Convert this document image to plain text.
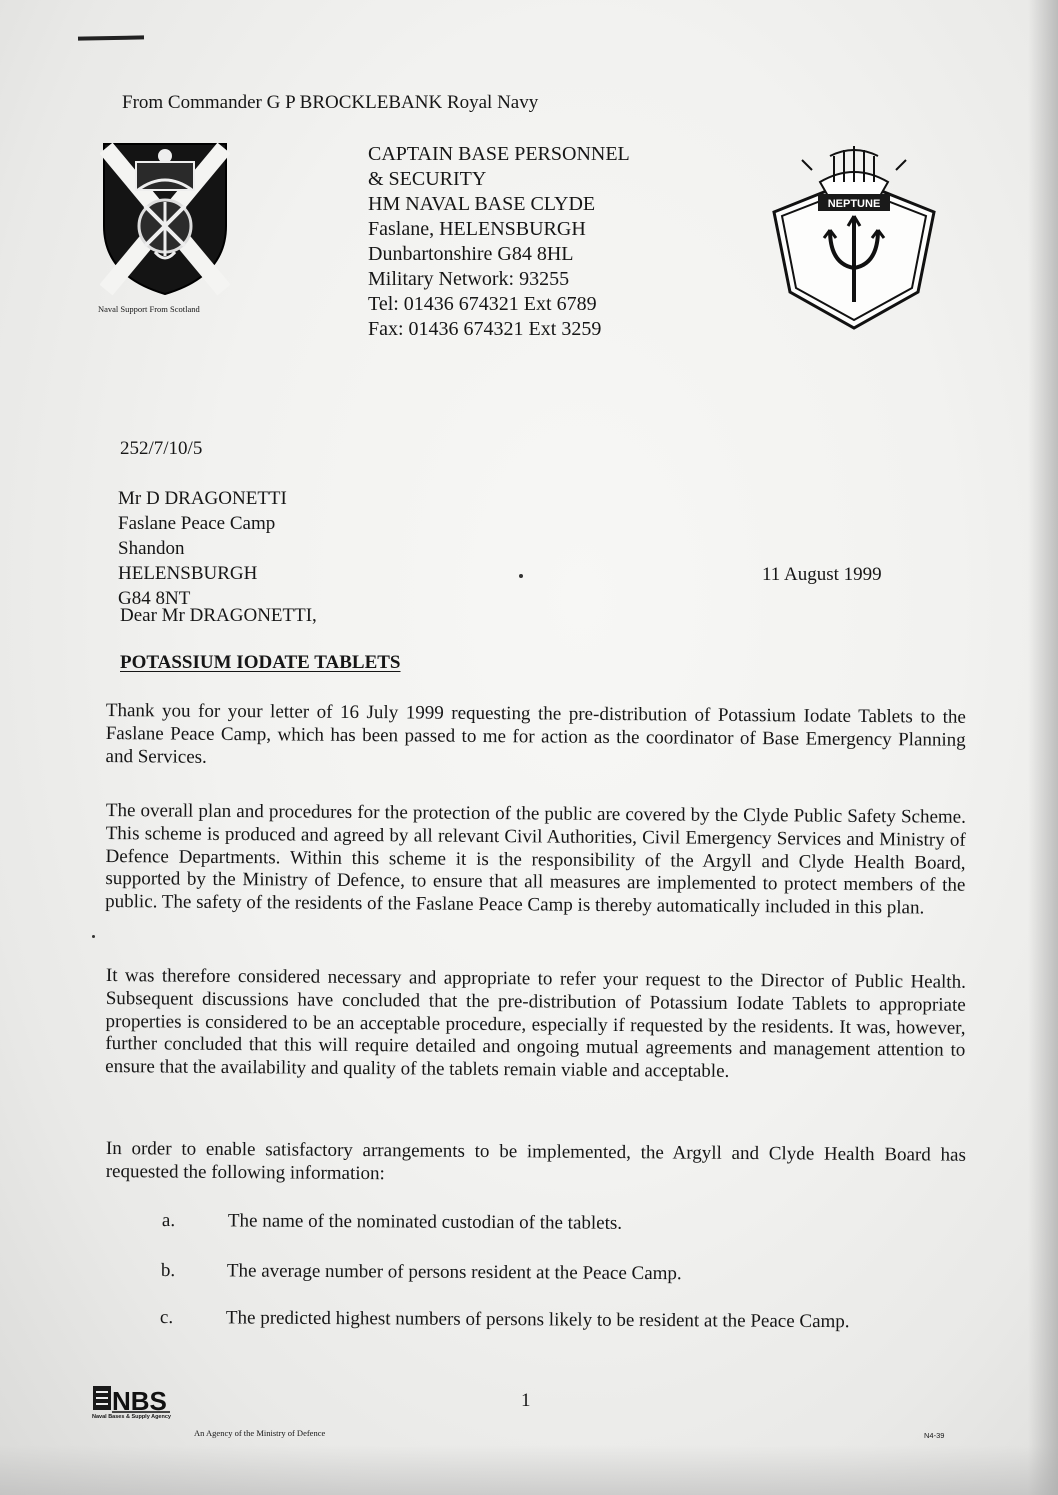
From Commander G P BROCKLEBANK Royal Navy
Naval Support From Scotland
CAPTAIN BASE PERSONNEL
& SECURITY
HM NAVAL BASE CLYDE
Faslane, HELENSBURGH
Dunbartonshire G84 8HL
Military Network: 93255
Tel: 01436 674321 Ext 6789
Fax: 01436 674321 Ext 3259
NEPTUNE
252/7/10/5
Mr D DRAGONETTI
Faslane Peace Camp
Shandon
HELENSBURGH
G84 8NT
11 August 1999
Dear Mr DRAGONETTI,
POTASSIUM IODATE TABLETS
Thank you for your letter of 16 July 1999 requesting the pre-distribution of Potassium Iodate Tablets to the Faslane Peace Camp, which has been passed to me for action as the coordinator of Base Emergency Planning and Services.
The overall plan and procedures for the protection of the public are covered by the Clyde Public Safety Scheme. This scheme is produced and agreed by all relevant Civil Authorities, Civil Emergency Services and Ministry of Defence Departments. Within this scheme it is the responsibility of the Argyll and Clyde Health Board, supported by the Ministry of Defence, to ensure that all measures are implemented to protect members of the public. The safety of the residents of the Faslane Peace Camp is thereby automatically included in this plan.
It was therefore considered necessary and appropriate to refer your request to the Director of Public Health. Subsequent discussions have concluded that the pre-distribution of Potassium Iodate Tablets to appropriate properties is considered to be an acceptable procedure, especially if requested by the residents. It was, however, further concluded that this will require detailed and ongoing mutual agreements and management attention to ensure that the availability and quality of the tablets remain viable and acceptable.
In order to enable satisfactory arrangements to be implemented, the Argyll and Clyde Health Board has requested the following information:
a.	The name of the nominated custodian of the tablets.
b.	The average number of persons resident at the Peace Camp.
c.	The predicted highest numbers of persons likely to be resident at the Peace Camp.
NBS
Naval Bases & Supply Agency
1
An Agency of the Ministry of Defence	N4-39
